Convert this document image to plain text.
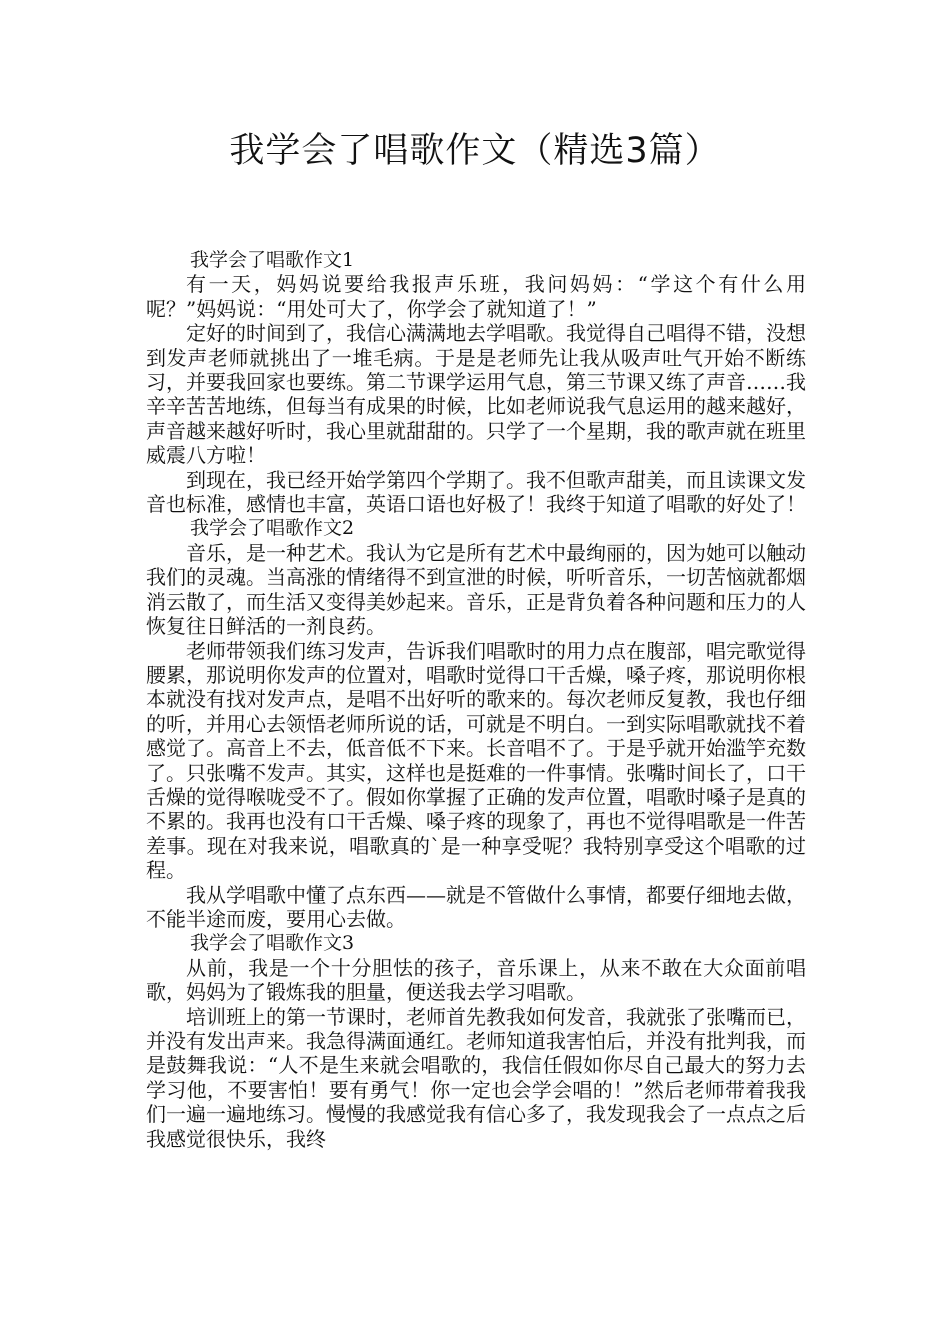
我学会了唱歌作文（精选3篇）

我学会了唱歌作文1

有一天，妈妈说要给我报声乐班，我问妈妈：“学这个有什么用呢？”妈妈说：“用处可大了，你学会了就知道了！”

定好的时间到了，我信心满满地去学唱歌。我觉得自己唱得不错，没想到发声老师就挑出了一堆毛病。于是是老师先让我从吸声吐气开始不断练习，并要我回家也要练。第二节课学运用气息，第三节课又练了声音……我辛辛苦苦地练，但每当有成果的时候，比如老师说我气息运用的越来越好，声音越来越好听时，我心里就甜甜的。只学了一个星期，我的歌声就在班里威震八方啦！

到现在，我已经开始学第四个学期了。我不但歌声甜美，而且读课文发音也标准，感情也丰富，英语口语也好极了！我终于知道了唱歌的好处了！

我学会了唱歌作文2

音乐，是一种艺术。我认为它是所有艺术中最绚丽的，因为她可以触动我们的灵魂。当高涨的情绪得不到宣泄的时候，听听音乐，一切苦恼就都烟消云散了，而生活又变得美妙起来。音乐，正是背负着各种问题和压力的人恢复往日鲜活的一剂良药。

老师带领我们练习发声，告诉我们唱歌时的用力点在腹部，唱完歌觉得腰累，那说明你发声的位置对，唱歌时觉得口干舌燥，嗓子疼，那说明你根本就没有找对发声点，是唱不出好听的歌来的。每次老师反复教，我也仔细的听，并用心去领悟老师所说的话，可就是不明白。一到实际唱歌就找不着感觉了。高音上不去，低音低不下来。长音唱不了。于是乎就开始滥竽充数了。只张嘴不发声。其实，这样也是挺难的一件事情。张嘴时间长了，口干舌燥的觉得喉咙受不了。假如你掌握了正确的发声位置，唱歌时嗓子是真的不累的。我再也没有口干舌燥、嗓子疼的现象了，再也不觉得唱歌是一件苦差事。现在对我来说，唱歌真的`是一种享受呢？我特别享受这个唱歌的过程。

我从学唱歌中懂了点东西——就是不管做什么事情，都要仔细地去做，不能半途而废，要用心去做。

我学会了唱歌作文3

从前，我是一个十分胆怯的孩子，音乐课上，从来不敢在大众面前唱歌，妈妈为了锻炼我的胆量，便送我去学习唱歌。

培训班上的第一节课时，老师首先教我如何发音，我就张了张嘴而已，并没有发出声来。我急得满面通红。老师知道我害怕后，并没有批判我，而是鼓舞我说：“人不是生来就会唱歌的，我信任假如你尽自己最大的努力去学习他，不要害怕！要有勇气！你一定也会学会唱的！”然后老师带着我我们一遍一遍地练习。慢慢的我感觉我有信心多了，我发现我会了一点点之后我感觉很快乐，我终
